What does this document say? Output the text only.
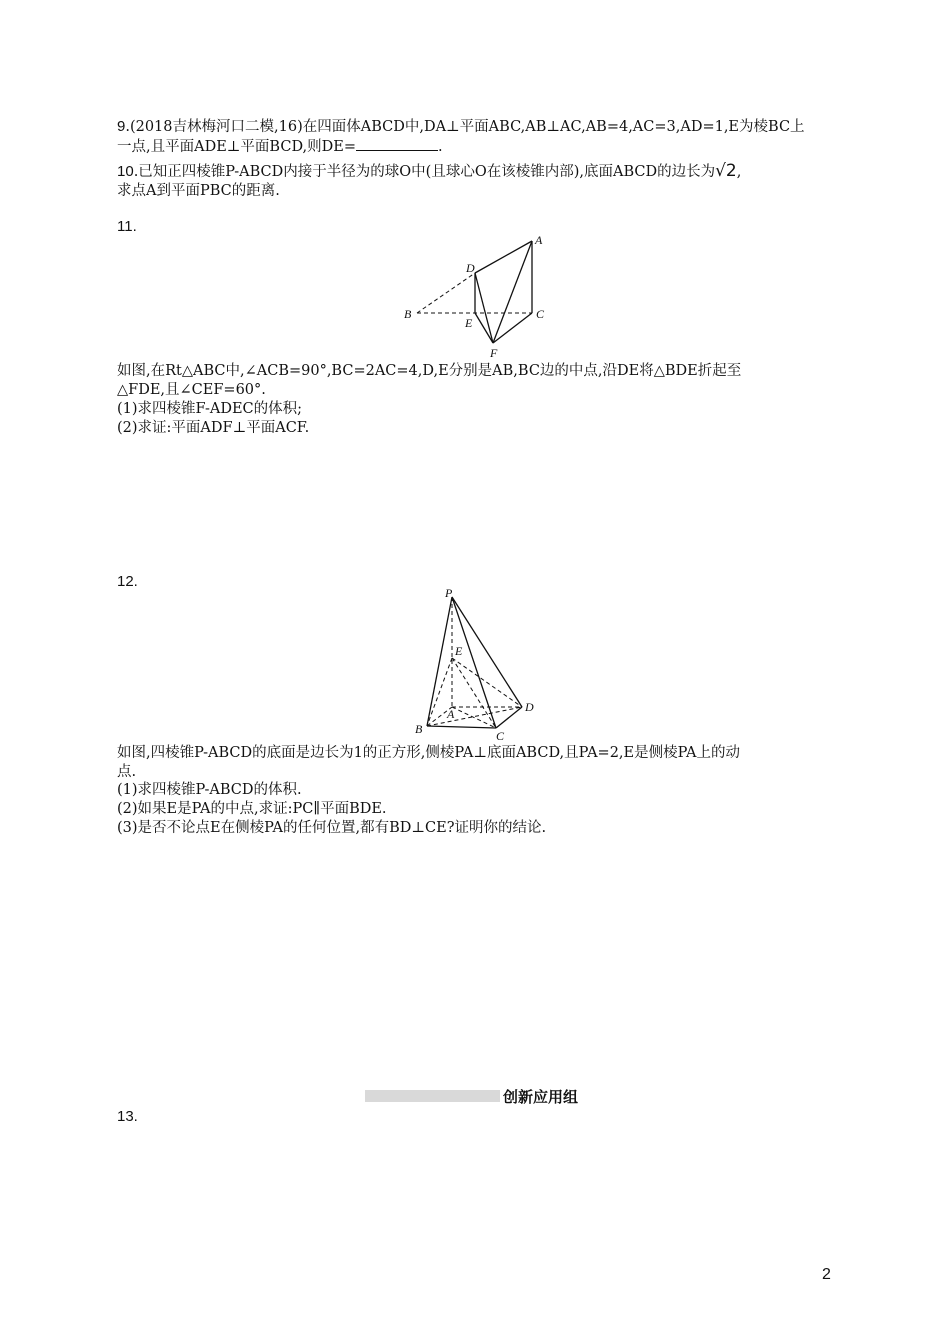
9.(2018吉林梅河口二模,16)在四面体ABCD中,DA⊥平面ABC,AB⊥AC,AB=4,AC=3,AD=1,E为棱BC上
一点,且平面ADE⊥平面BCD,则DE=	.
10.已知正四棱锥P-ABCD内接于半径为的球O中(且球心O在该棱锥内部),底面ABCD的边长为√2,
求点A到平面PBC的距离.
11.
A
B	C
D
E
F
如图,在Rt△ABC中,∠ACB=90°,BC=2AC=4,D,E分别是AB,BC边的中点,沿DE将△BDE折起至
△FDE,且∠CEF=60°.
(1)求四棱锥F-ADEC的体积;
(2)求证:平面ADF⊥平面ACF.
12.
P
E
A
B	C
D
如图,四棱锥P-ABCD的底面是边长为1的正方形,侧棱PA⊥底面ABCD,且PA=2,E是侧棱PA上的动
点.
(1)求四棱锥P-ABCD的体积.
(2)如果E是PA的中点,求证:PC∥平面BDE.
(3)是否不论点E在侧棱PA的任何位置,都有BD⊥CE?证明你的结论.
创新应用组
13.
2
